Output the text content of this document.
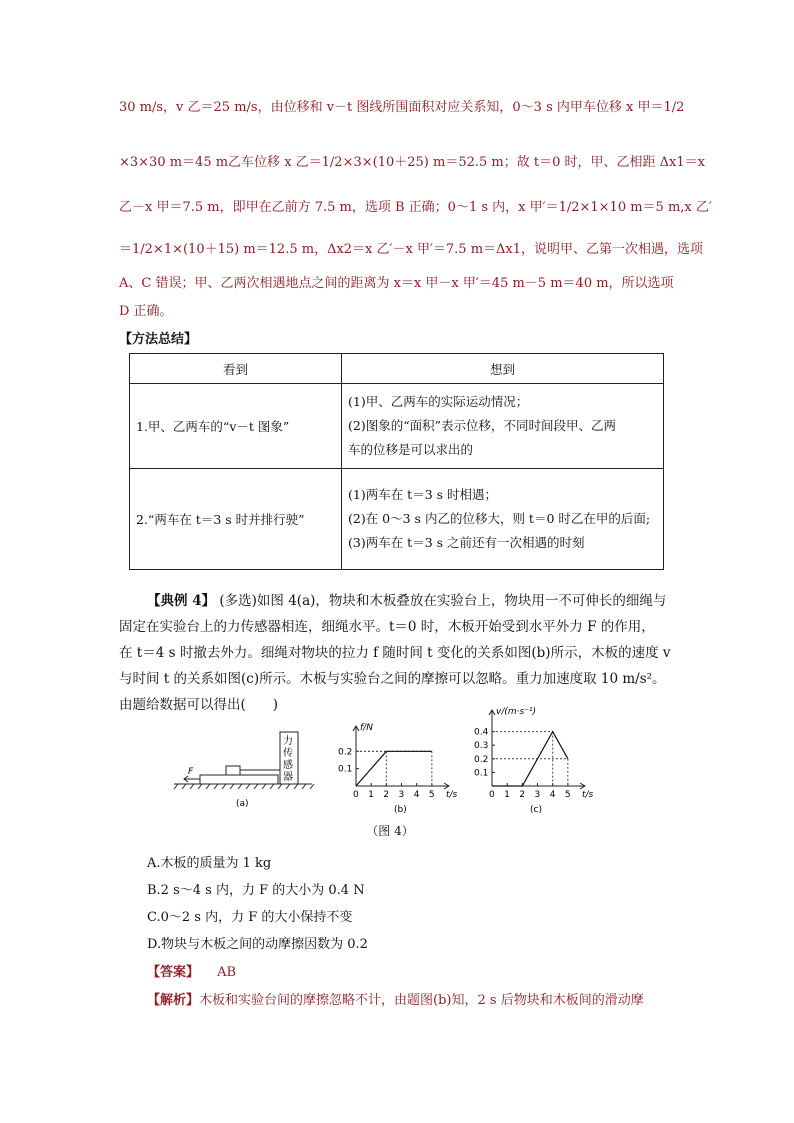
30 m/s，v 乙＝25 m/s，由位移和 v－t 图线所围面积对应关系知，0～3 s 内甲车位移 x 甲＝1/2
×3×30 m＝45 m乙车位移 x 乙＝1/2×3×(10＋25) m＝52.5 m；故 t＝0 时，甲、乙相距 Δx1＝x
乙－x 甲＝7.5 m，即甲在乙前方 7.5 m，选项 B 正确；0～1 s 内，x 甲′＝1/2×1×10 m＝5 m,x 乙′
＝1/2×1×(10＋15) m＝12.5 m，Δx2＝x 乙′－x 甲′＝7.5 m＝Δx1，说明甲、乙第一次相遇，选项
A、C 错误；甲、乙两次相遇地点之间的距离为 x＝x 甲－x 甲′＝45 m－5 m＝40 m，所以选项
D 正确。
【方法总结】
看到	想到
1.甲、乙两车的“v－t 图象”	(1)甲、乙两车的实际运动情况；
(2)图象的“面积”表示位移，不同时间段甲、乙两
车的位移是可以求出的

2.“两车在 t＝3 s 时并排行驶”	(1)两车在 t＝3 s 时相遇；
(2)在 0～3 s 内乙的位移大，则 t＝0 时乙在甲的后面;
(3)两车在 t＝3 s 之前还有一次相遇的时刻
【典例 4】 (多选)如图 4(a)，物块和木板叠放在实验台上，物块用一不可伸长的细绳与
固定在实验台上的力传感器相连，细绳水平。t＝0 时，木板开始受到水平外力 F 的作用，
在 t＝4 s 时撤去外力。细绳对物块的拉力 f 随时间 t 变化的关系如图(b)所示，木板的速度 v
与时间 t 的关系如图(c)所示。木板与实验台之间的摩擦可以忽略。重力加速度取 10 m/s²。
由题给数据可以得出(　　)
F
力 传 感 器
(a)
0 1 2 3 4 5
0.1
0.2
f/N
t/s
(b)
0 1 2 3 4 5
0.1
0.2
0.3
0.4
v/(m·s⁻¹)
t/s
(c)
（图 4）
A.木板的质量为 1 kg
B.2 s～4 s 内，力 F 的大小为 0.4 N
C.0～2 s 内，力 F 的大小保持不变
D.物块与木板之间的动摩擦因数为 0.2
【答案】 AB
【解析】木板和实验台间的摩擦忽略不计，由题图(b)知，2 s 后物块和木板间的滑动摩
